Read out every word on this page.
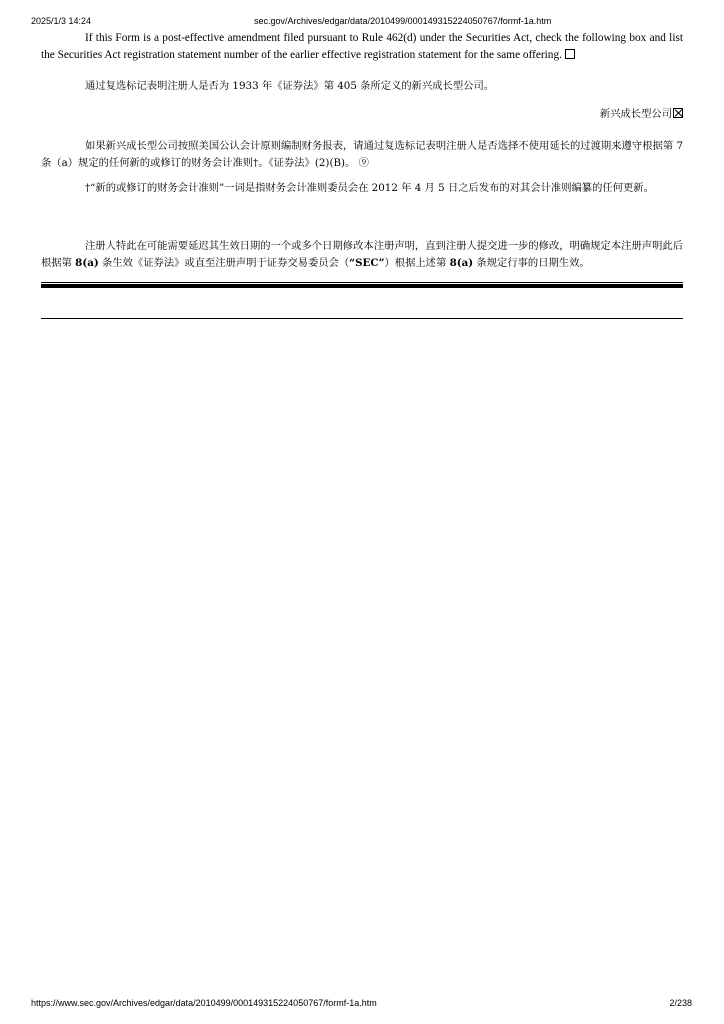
2025/1/3 14:24	sec.gov/Archives/edgar/data/2010499/000149315224050767/formf-1a.htm

If this Form is a post-effective amendment filed pursuant to Rule 462(d) under the Securities Act, check the following box and list the Securities Act registration statement number of the earlier effective registration statement for the same offering.

通过复选标记表明注册人是否为 1933 年《证券法》第 405 条所定义的新兴成长型公司。

新兴成长型公司

如果新兴成长型公司按照美国公认会计原则编制财务报表，请通过复选标记表明注册人是否选择不使用延长的过渡期来遵守根据第 7 条（a）规定的任何新的或修订的财务会计准则†。《证券法》(2)(B)。 ⑨

†“新的或修订的财务会计准则”一词是指财务会计准则委员会在 2012 年 4 月 5 日之后发布的对其会计准则编纂的任何更新。

注册人特此在可能需要延迟其生效日期的一个或多个日期修改本注册声明，直到注册人提交进一步的修改，明确规定本注册声明此后根据第 8(a) 条生效《证券法》或直至注册声明于证券交易委员会（“SEC”）根据上述第 8(a) 条规定行事的日期生效。

https://www.sec.gov/Archives/edgar/data/2010499/000149315224050767/formf-1a.htm	2/238
